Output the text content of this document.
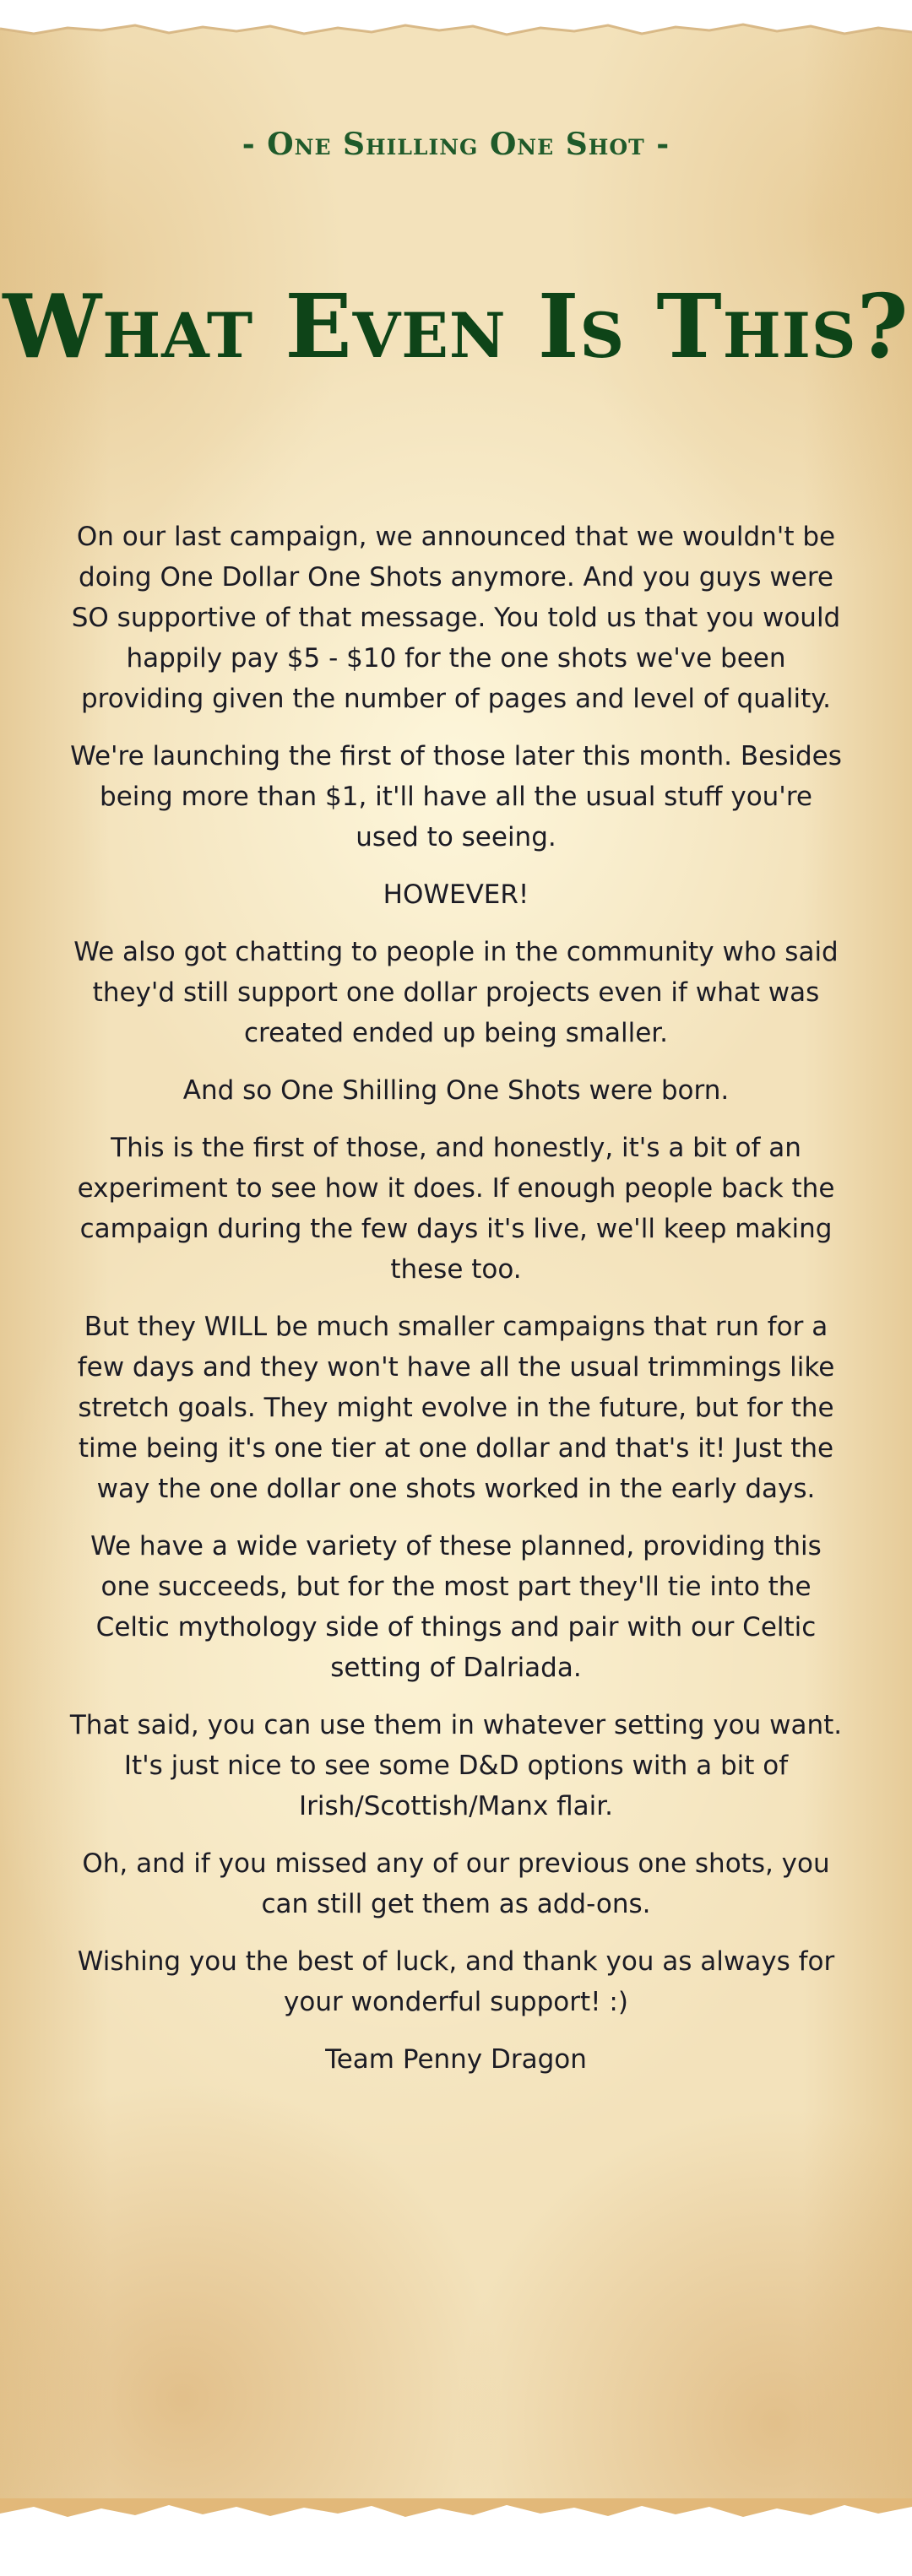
- One Shilling One Shot -
What Even Is This?

On our last campaign, we announced that we wouldn't be doing One Dollar One Shots anymore. And you guys were SO supportive of that message. You told us that you would happily pay $5 - $10 for the one shots we've been providing given the number of pages and level of quality.

We're launching the first of those later this month. Besides being more than $1, it'll have all the usual stuff you're used to seeing.

HOWEVER!

We also got chatting to people in the community who said they'd still support one dollar projects even if what was created ended up being smaller.

And so One Shilling One Shots were born.

This is the first of those, and honestly, it's a bit of an experiment to see how it does. If enough people back the campaign during the few days it's live, we'll keep making these too.

But they WILL be much smaller campaigns that run for a few days and they won't have all the usual trimmings like stretch goals. They might evolve in the future, but for the time being it's one tier at one dollar and that's it! Just the way the one dollar one shots worked in the early days.

We have a wide variety of these planned, providing this one succeeds, but for the most part they'll tie into the Celtic mythology side of things and pair with our Celtic setting of Dalriada.

That said, you can use them in whatever setting you want. It's just nice to see some D&D options with a bit of Irish/Scottish/Manx flair.

Oh, and if you missed any of our previous one shots, you can still get them as add-ons.

Wishing you the best of luck, and thank you as always for your wonderful support! :)

Team Penny Dragon
